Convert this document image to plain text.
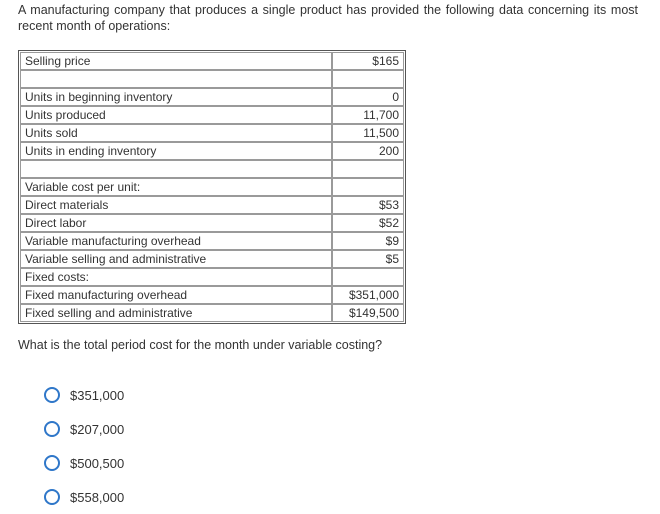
A manufacturing company that produces a single product has provided the following data concerning its most recent month of operations:

Selling price	$165

Units in beginning inventory	0
Units produced	11,700
Units sold	11,500
Units in ending inventory	200

Variable cost per unit:	
Direct materials	$53
Direct labor	$52
Variable manufacturing overhead	$9
Variable selling and administrative	$5
Fixed costs:	
Fixed manufacturing overhead	$351,000
Fixed selling and administrative	$149,500

What is the total period cost for the month under variable costing?

$351,000
$207,000
$500,500
$558,000
